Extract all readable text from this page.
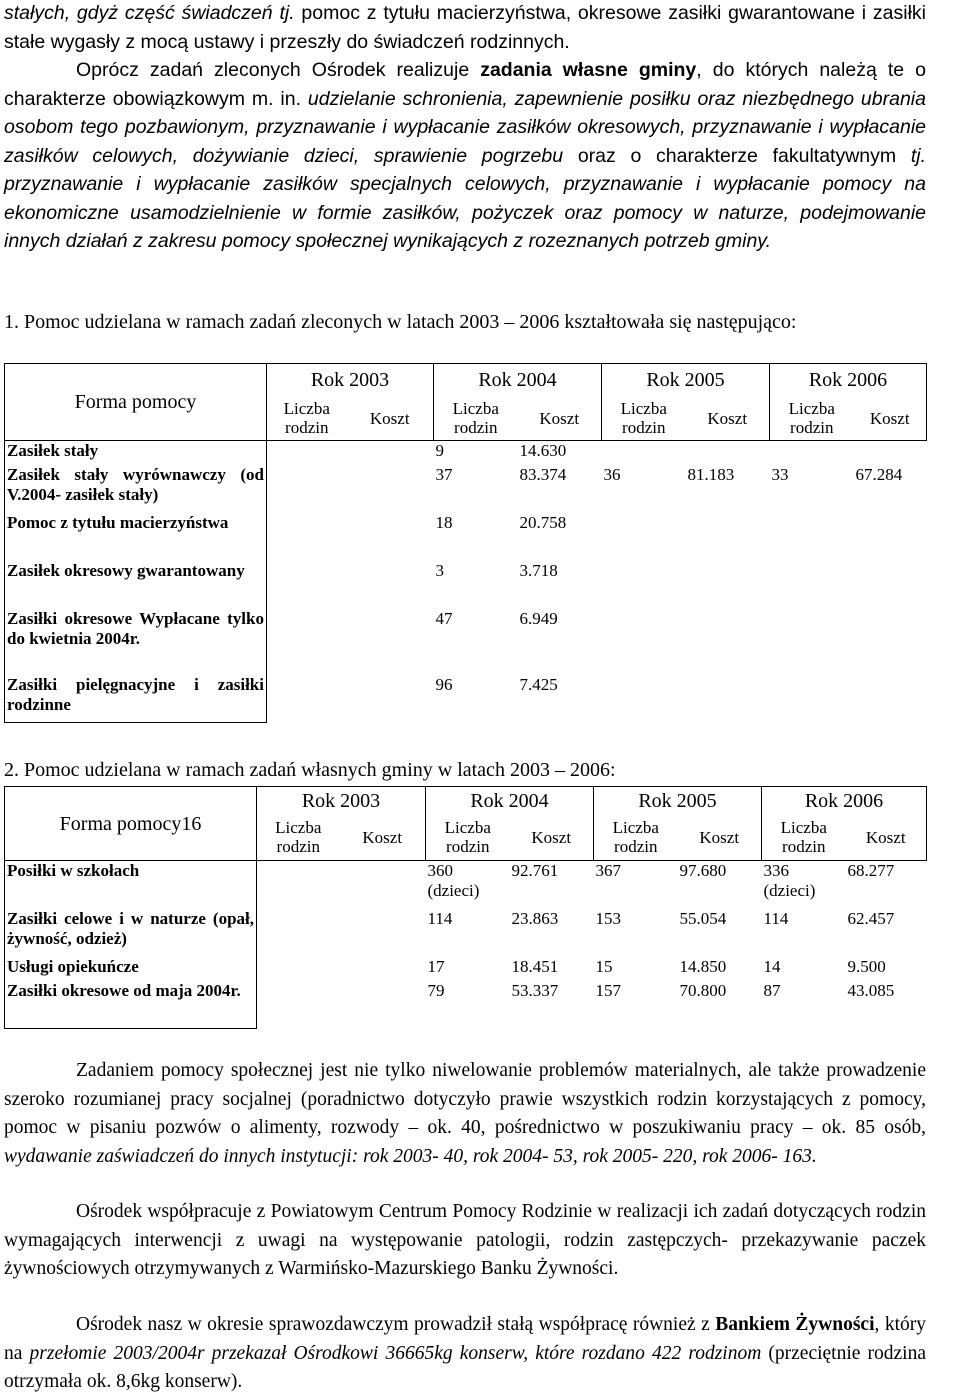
stałych, gdyż część świadczeń tj. pomoc z tytułu macierzyństwa, okresowe zasiłki gwarantowane i zasiłki stałe wygasły z mocą ustawy i przeszły do świadczeń rodzinnych.

Oprócz zadań zleconych Ośrodek realizuje zadania własne gminy, do których należą te o charakterze obowiązkowym m. in. udzielanie schronienia, zapewnienie posiłku oraz niezbędnego ubrania osobom tego pozbawionym, przyznawanie i wypłacanie zasiłków okresowych, przyznawanie i wypłacanie zasiłków celowych, dożywianie dzieci, sprawienie pogrzebu oraz o charakterze fakultatywnym tj. przyznawanie i wypłacanie zasiłków specjalnych celowych, przyznawanie i wypłacanie pomocy na ekonomiczne usamodzielnienie w formie zasiłków, pożyczek oraz pomocy w naturze, podejmowanie innych działań z zakresu pomocy społecznej wynikających z rozeznanych potrzeb gminy.

1. Pomoc udzielana w ramach zadań zleconych w latach 2003 – 2006 kształtowała się następująco:

Forma pomocy	Rok 2003		Rok 2004		Rok 2005		Rok 2006	
	Liczba
rodzin	Koszt	Liczba
rodzin	Koszt	Liczba
rodzin	Koszt	Liczba
rodzin	Koszt
Zasiłek stały			9	14.630				
Zasiłek stały wyrównawczy (od V.2004- zasiłek stały)			37	83.374	36	81.183	33	67.284
Pomoc z tytułu macierzyństwa			18	20.758				
Zasiłek okresowy gwarantowany			3	3.718				
Zasiłki okresowe Wypłacane tylko do kwietnia 2004r.			47	6.949				
Zasiłki pielęgnacyjne i zasiłki rodzinne			96	7.425				

2. Pomoc udzielana w ramach zadań własnych gminy w latach 2003 – 2006:

Forma pomocy16	Rok 2003		Rok 2004		Rok 2005		Rok 2006	
	Liczba
rodzin	Koszt	Liczba
rodzin	Koszt	Liczba
rodzin	Koszt	Liczba
rodzin	Koszt
Posiłki w szkołach			360 (dzieci)	92.761	367	97.680	336 (dzieci)	68.277
Zasiłki celowe i w naturze (opał, żywność, odzież)			114	23.863	153	55.054	114	62.457
Usługi opiekuńcze			17	18.451	15	14.850	14	9.500
Zasiłki okresowe od maja 2004r.			79	53.337	157	70.800	87	43.085

Zadaniem pomocy społecznej jest nie tylko niwelowanie problemów materialnych, ale także prowadzenie szeroko rozumianej pracy socjalnej (poradnictwo dotyczyło prawie wszystkich rodzin korzystających z pomocy, pomoc w pisaniu pozwów o alimenty, rozwody – ok. 40, pośrednictwo w poszukiwaniu pracy – ok. 85 osób, wydawanie zaświadczeń do innych instytucji: rok 2003- 40, rok 2004- 53, rok 2005- 220, rok 2006- 163.

Ośrodek współpracuje z Powiatowym Centrum Pomocy Rodzinie w realizacji ich zadań dotyczących rodzin wymagających interwencji z uwagi na występowanie patologii, rodzin zastępczych- przekazywanie paczek żywnościowych otrzymywanych z Warmińsko-Mazurskiego Banku Żywności.

Ośrodek nasz w okresie sprawozdawczym prowadził stałą współpracę również z Bankiem Żywności, który na przełomie 2003/2004r przekazał Ośrodkowi 36665kg konserw, które rozdano 422 rodzinom (przeciętnie rodzina otrzymała ok. 8,6kg konserw).
